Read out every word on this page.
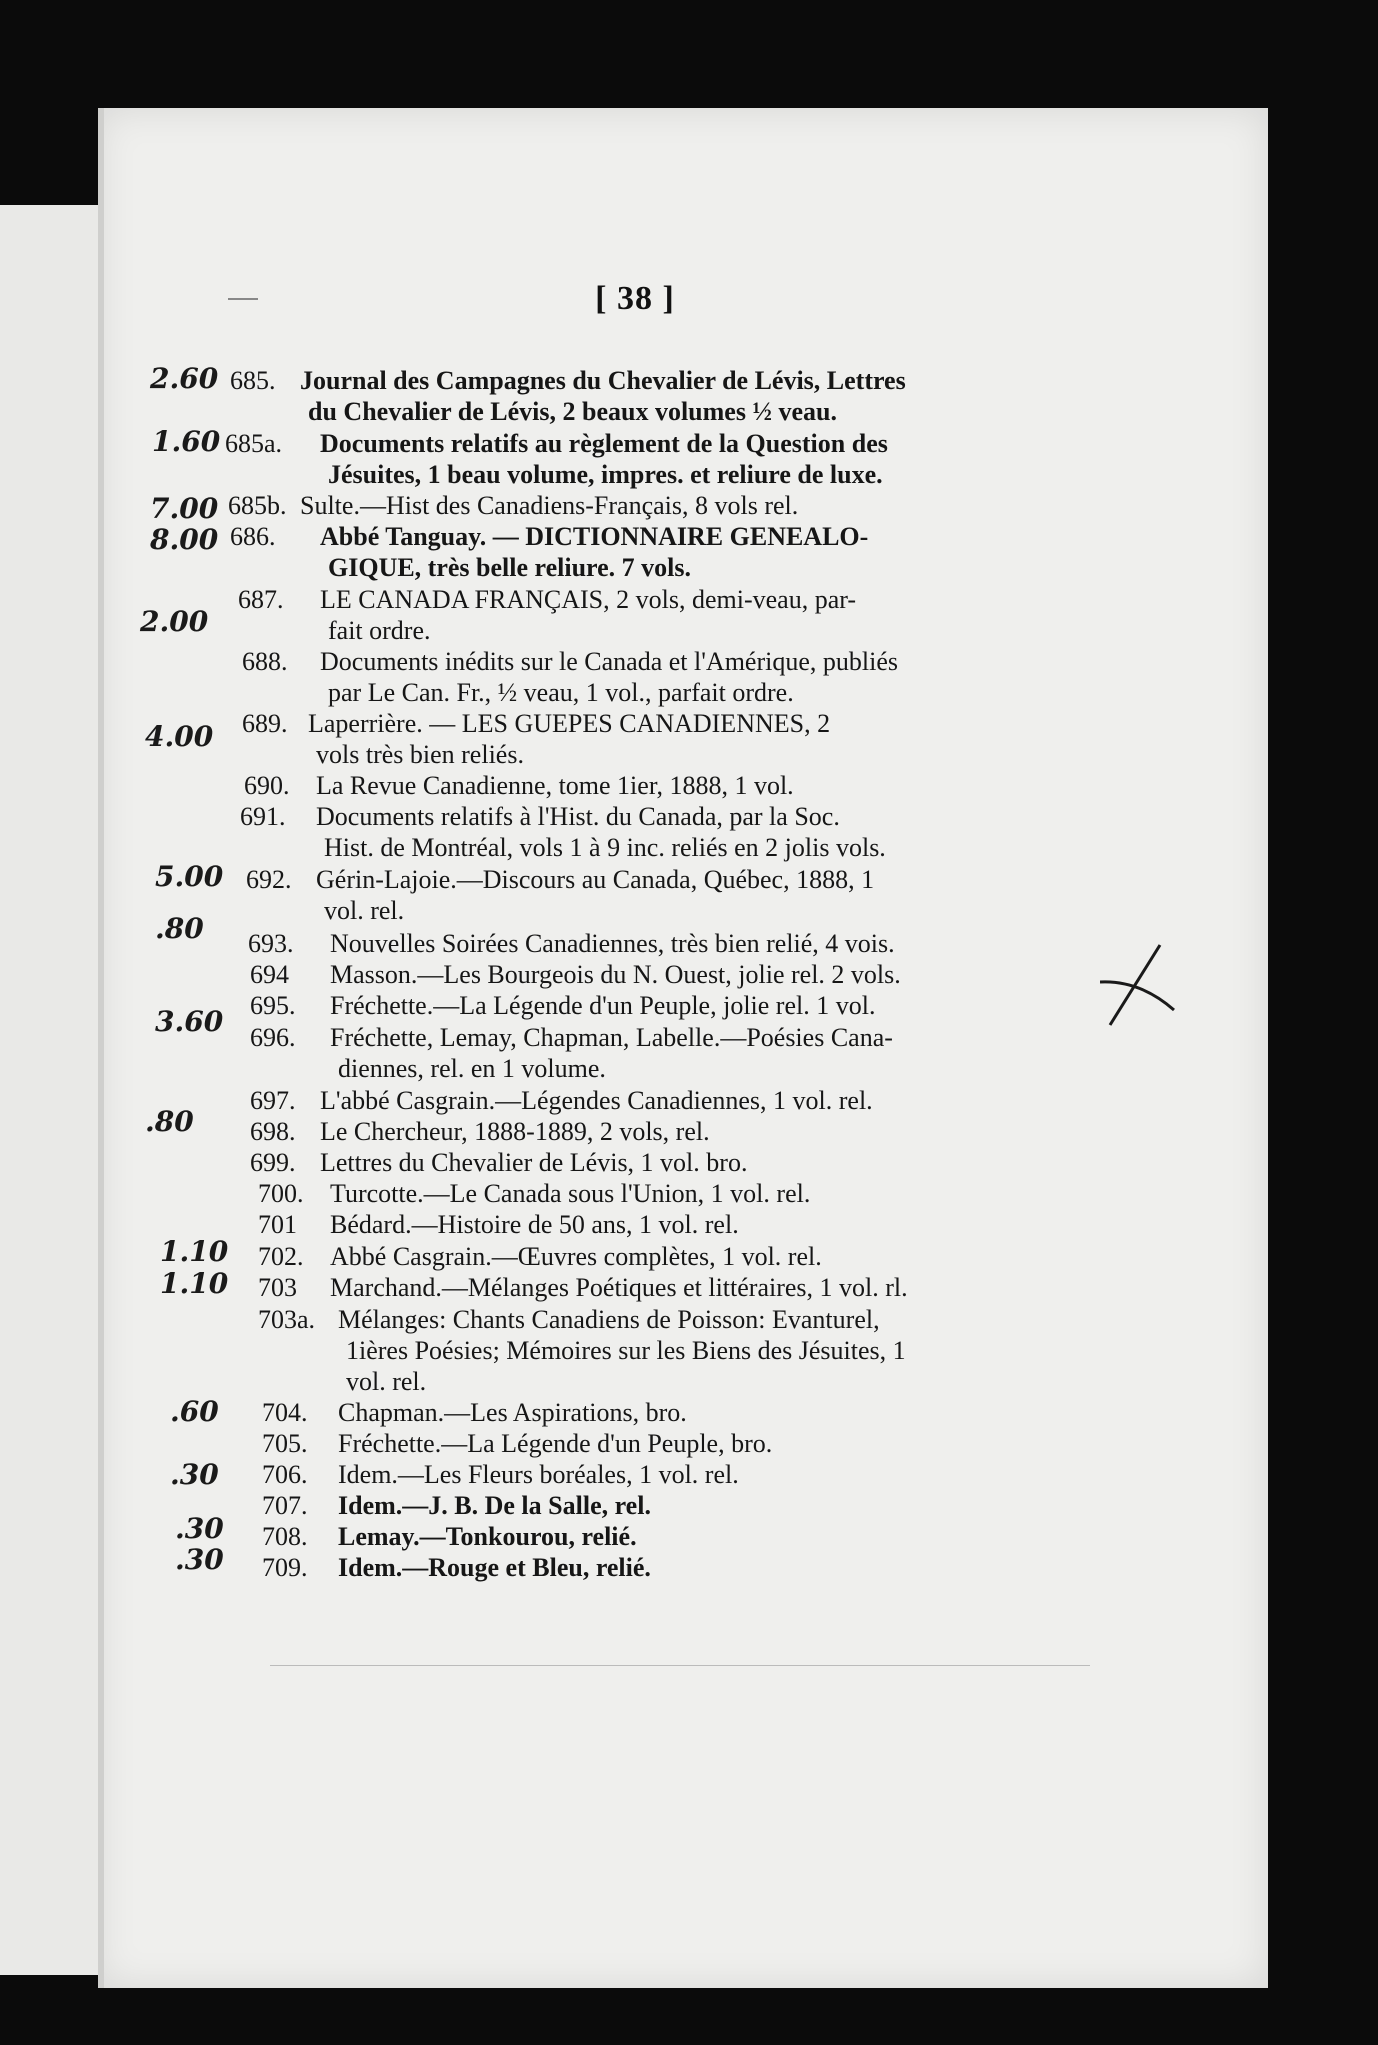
[ 38 ]
685. Journal des Campagnes du Chevalier de Lévis, Lettres
du Chevalier de Lévis, 2 beaux volumes ½ veau.
685a. Documents relatifs au règlement de la Question des
Jésuites, 1 beau volume, impres. et reliure de luxe.
685b. Sulte.—Hist des Canadiens-Français, 8 vols rel.
686. Abbé Tanguay. — DICTIONNAIRE GENEALO-
GIQUE, très belle reliure. 7 vols.
687. LE CANADA FRANÇAIS, 2 vols, demi-veau, par-
fait ordre.
688. Documents inédits sur le Canada et l'Amérique, publiés
par Le Can. Fr., ½ veau, 1 vol., parfait ordre.
689. Laperrière. — LES GUEPES CANADIENNES, 2
vols très bien reliés.
690. La Revue Canadienne, tome 1ier, 1888, 1 vol.
691. Documents relatifs à l'Hist. du Canada, par la Soc.
Hist. de Montréal, vols 1 à 9 inc. reliés en 2 jolis vols.
692. Gérin-Lajoie.—Discours au Canada, Québec, 1888, 1
vol. rel.
693. Nouvelles Soirées Canadiennes, très bien relié, 4 vois.
694 Masson.—Les Bourgeois du N. Ouest, jolie rel. 2 vols.
695. Fréchette.—La Légende d'un Peuple, jolie rel. 1 vol.
696. Fréchette, Lemay, Chapman, Labelle.—Poésies Cana-
diennes, rel. en 1 volume.
697. L'abbé Casgrain.—Légendes Canadiennes, 1 vol. rel.
698. Le Chercheur, 1888-1889, 2 vols, rel.
699. Lettres du Chevalier de Lévis, 1 vol. bro.
700. Turcotte.—Le Canada sous l'Union, 1 vol. rel.
701 Bédard.—Histoire de 50 ans, 1 vol. rel.
702. Abbé Casgrain.—Œuvres complètes, 1 vol. rel.
703 Marchand.—Mélanges Poétiques et littéraires, 1 vol. rl.
703a. Mélanges: Chants Canadiens de Poisson: Evanturel,
1ières Poésies; Mémoires sur les Biens des Jésuites, 1
vol. rel.
704. Chapman.—Les Aspirations, bro.
705. Fréchette.—La Légende d'un Peuple, bro.
706. Idem.—Les Fleurs boréales, 1 vol. rel.
707. Idem.—J. B. De la Salle, rel.
708. Lemay.—Tonkourou, relié.
709. Idem.—Rouge et Bleu, relié.
2.60
1.60
7.00
8.00
2.00
4.00
5.00
.80
3.60
.80
1.10
1.10
.60
.30
.30
.30
